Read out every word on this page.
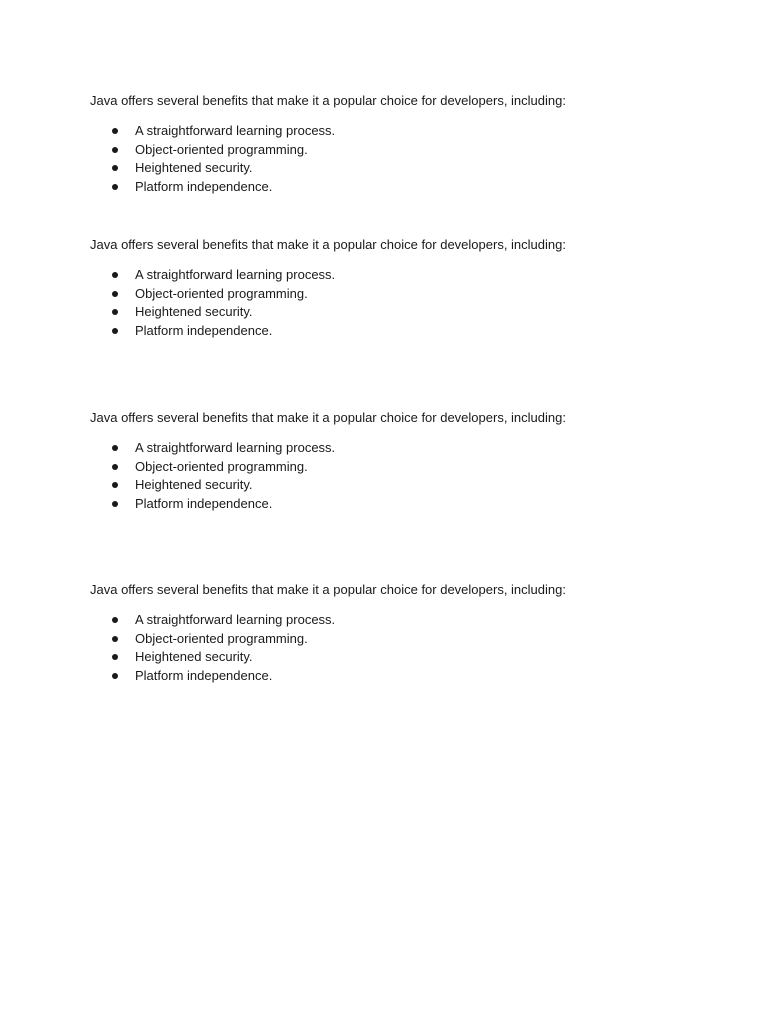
Java offers several benefits that make it a popular choice for developers, including:

A straightforward learning process.
Object-oriented programming.
Heightened security.
Platform independence.

Java offers several benefits that make it a popular choice for developers, including:

A straightforward learning process.
Object-oriented programming.
Heightened security.
Platform independence.

Java offers several benefits that make it a popular choice for developers, including:

A straightforward learning process.
Object-oriented programming.
Heightened security.
Platform independence.

Java offers several benefits that make it a popular choice for developers, including:

A straightforward learning process.
Object-oriented programming.
Heightened security.
Platform independence.
